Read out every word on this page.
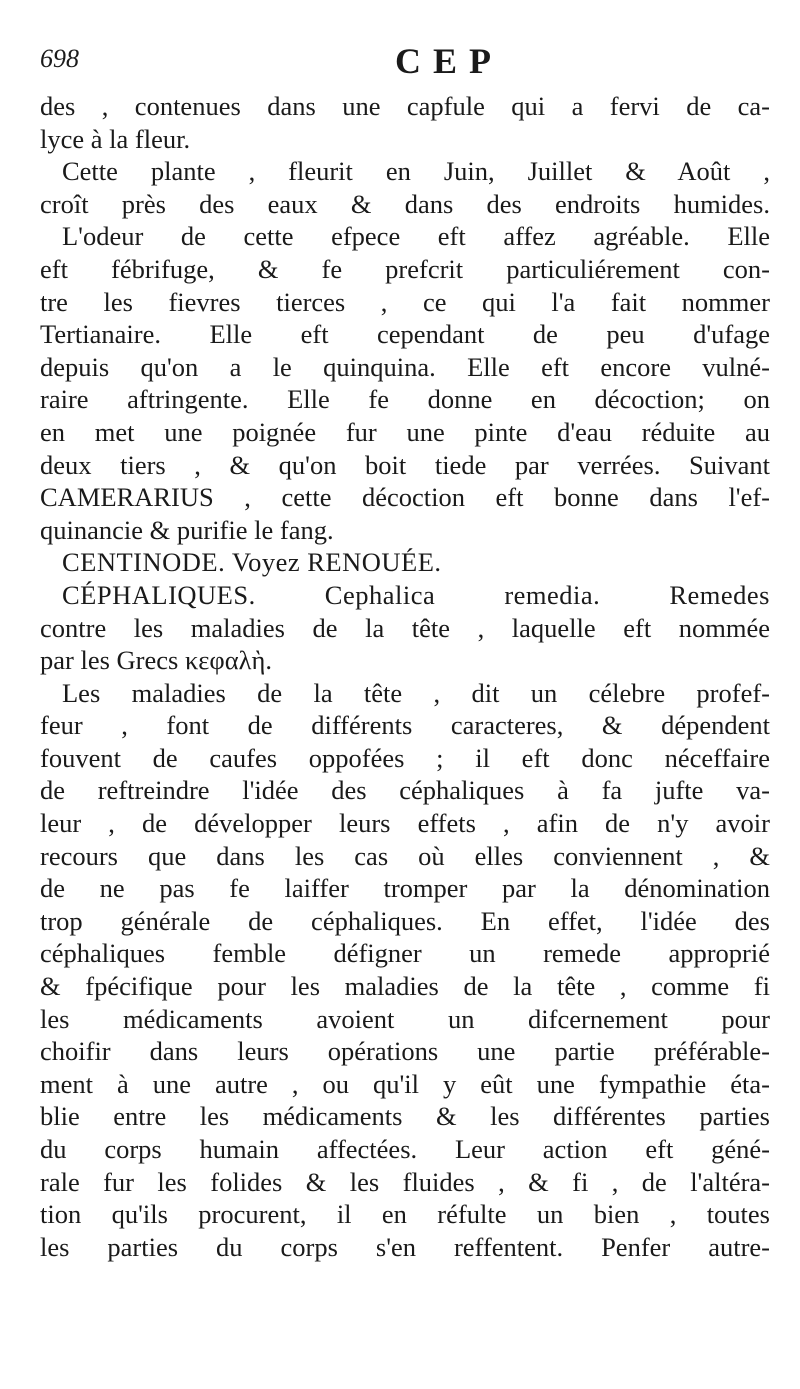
698	CEP
des , contenues dans une capfule qui a fervi de ca-
lyce à la fleur.
Cette plante , fleurit en Juin, Juillet & Août ,
croît près des eaux & dans des endroits humides.
L'odeur de cette efpece eft affez agréable. Elle
eft fébrifuge, & fe prefcrit particuliérement con-
tre les fievres tierces , ce qui l'a fait nommer
Tertianaire. Elle eft cependant de peu d'ufage
depuis qu'on a le quinquina. Elle eft encore vulné-
raire aftringente. Elle fe donne en décoction; on
en met une poignée fur une pinte d'eau réduite au
deux tiers , & qu'on boit tiede par verrées. Suivant
CAMERARIUS , cette décoction eft bonne dans l'ef-
quinancie & purifie le fang.
CENTINODE. Voyez RENOUÉE.
CÉPHALIQUES. Cephalica remedia. Remedes
contre les maladies de la tête , laquelle eft nommée
par les Grecs κεφαλὴ.
Les maladies de la tête , dit un célebre profef-
feur , font de différents caracteres, & dépendent
fouvent de caufes oppofées ; il eft donc néceffaire
de reftreindre l'idée des céphaliques à fa jufte va-
leur , de développer leurs effets , afin de n'y avoir
recours que dans les cas où elles conviennent , &
de ne pas fe laiffer tromper par la dénomination
trop générale de céphaliques. En effet, l'idée des
céphaliques femble défigner un remede approprié
& fpécifique pour les maladies de la tête , comme fi
les médicaments avoient un difcernement pour
choifir dans leurs opérations une partie préférable-
ment à une autre , ou qu'il y eût une fympathie éta-
blie entre les médicaments & les différentes parties
du corps humain affectées. Leur action eft géné-
rale fur les folides & les fluides , & fi , de l'altéra-
tion qu'ils procurent, il en réfulte un bien , toutes
les parties du corps s'en reffentent. Penfer autre-
